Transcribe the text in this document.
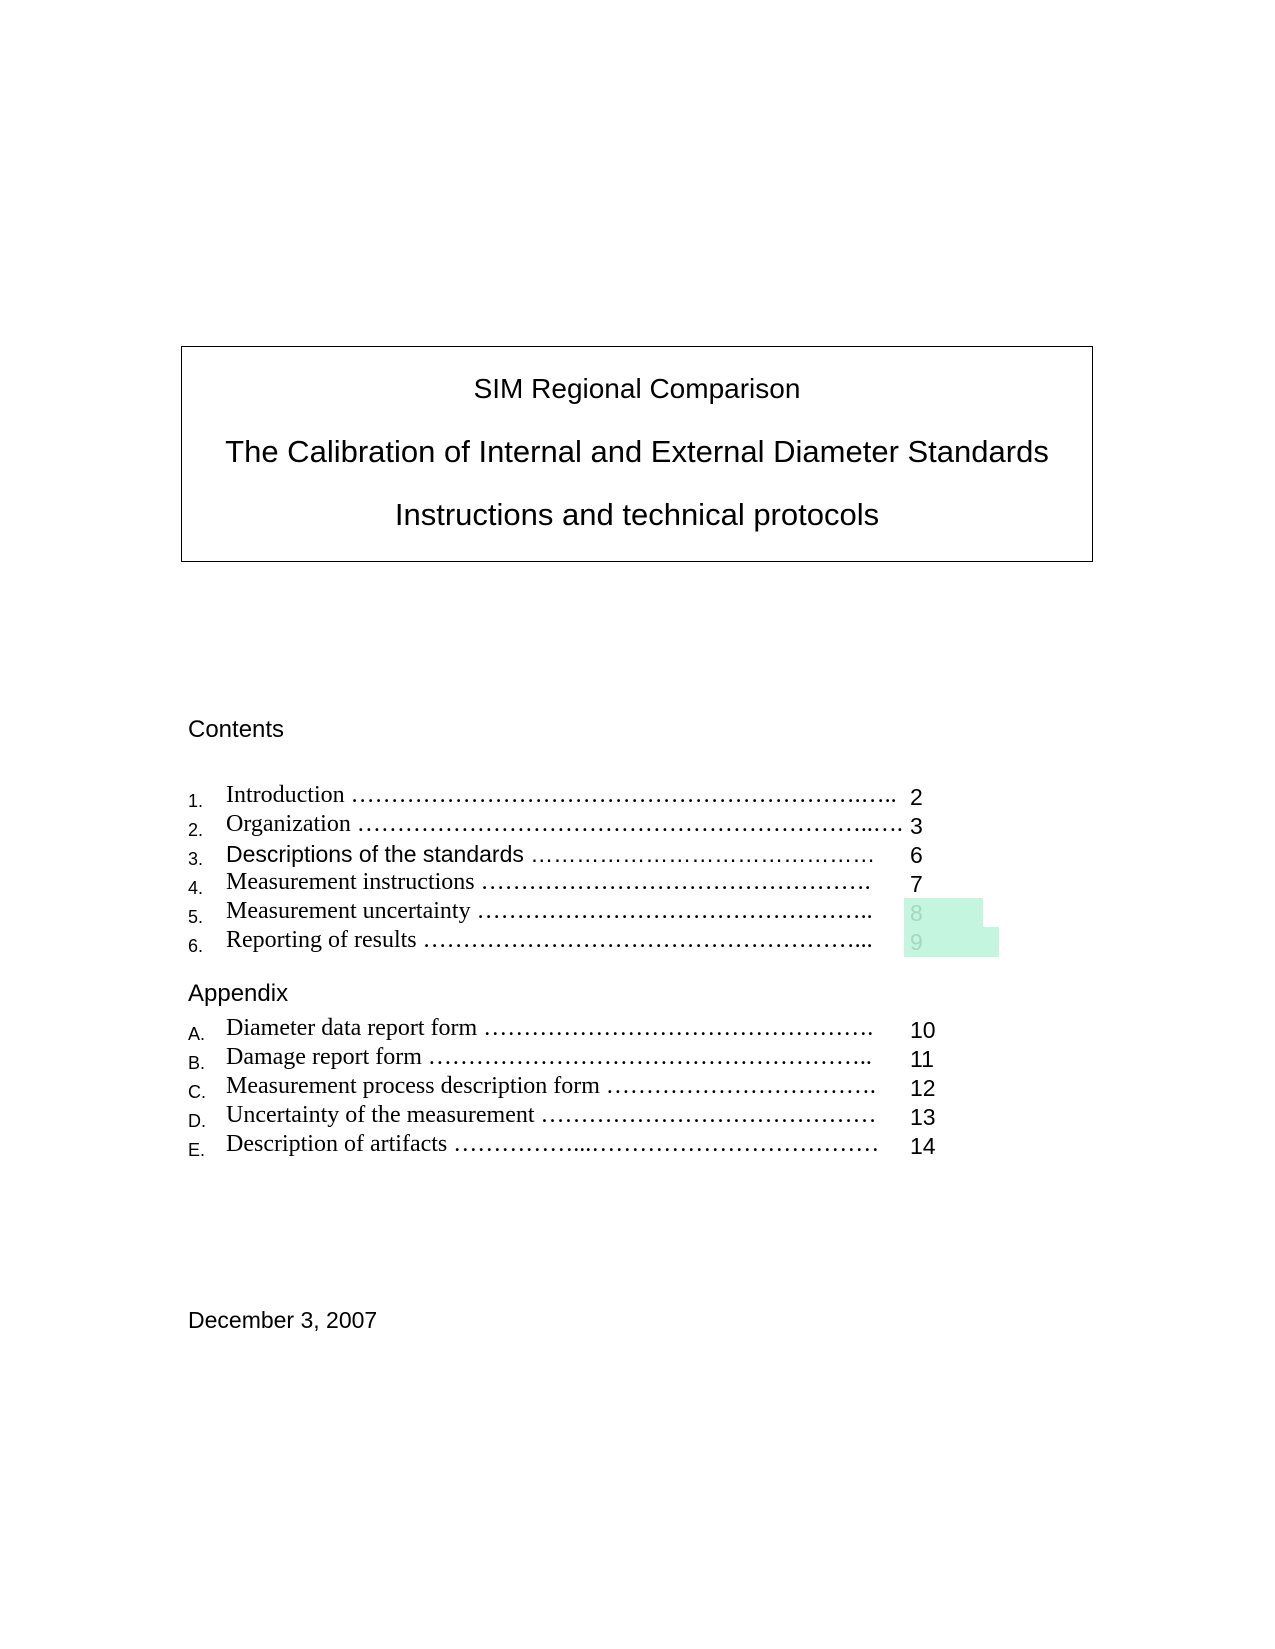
SIM Regional Comparison
The Calibration of Internal and External Diameter Standards
Instructions and technical protocols
Contents
1. Introduction ……………………………………………………….….. 2
2. Organization ………………………………………………………..…. 3
3. Descriptions of the standards ……………………………………… 6
4. Measurement instructions …………………………………………. 7
5. Measurement uncertainty ………………………………………….. 8
6. Reporting of results ………………………………………………... 9
Appendix
A. Diameter data report form …………………………………………. 10
B. Damage report form ……………………………………………….. 11
C. Measurement process description form ……………………………. 12
D. Uncertainty of the measurement …………………………………… 13
E. Description of artifacts ……………...……………………………… 14
December 3, 2007
